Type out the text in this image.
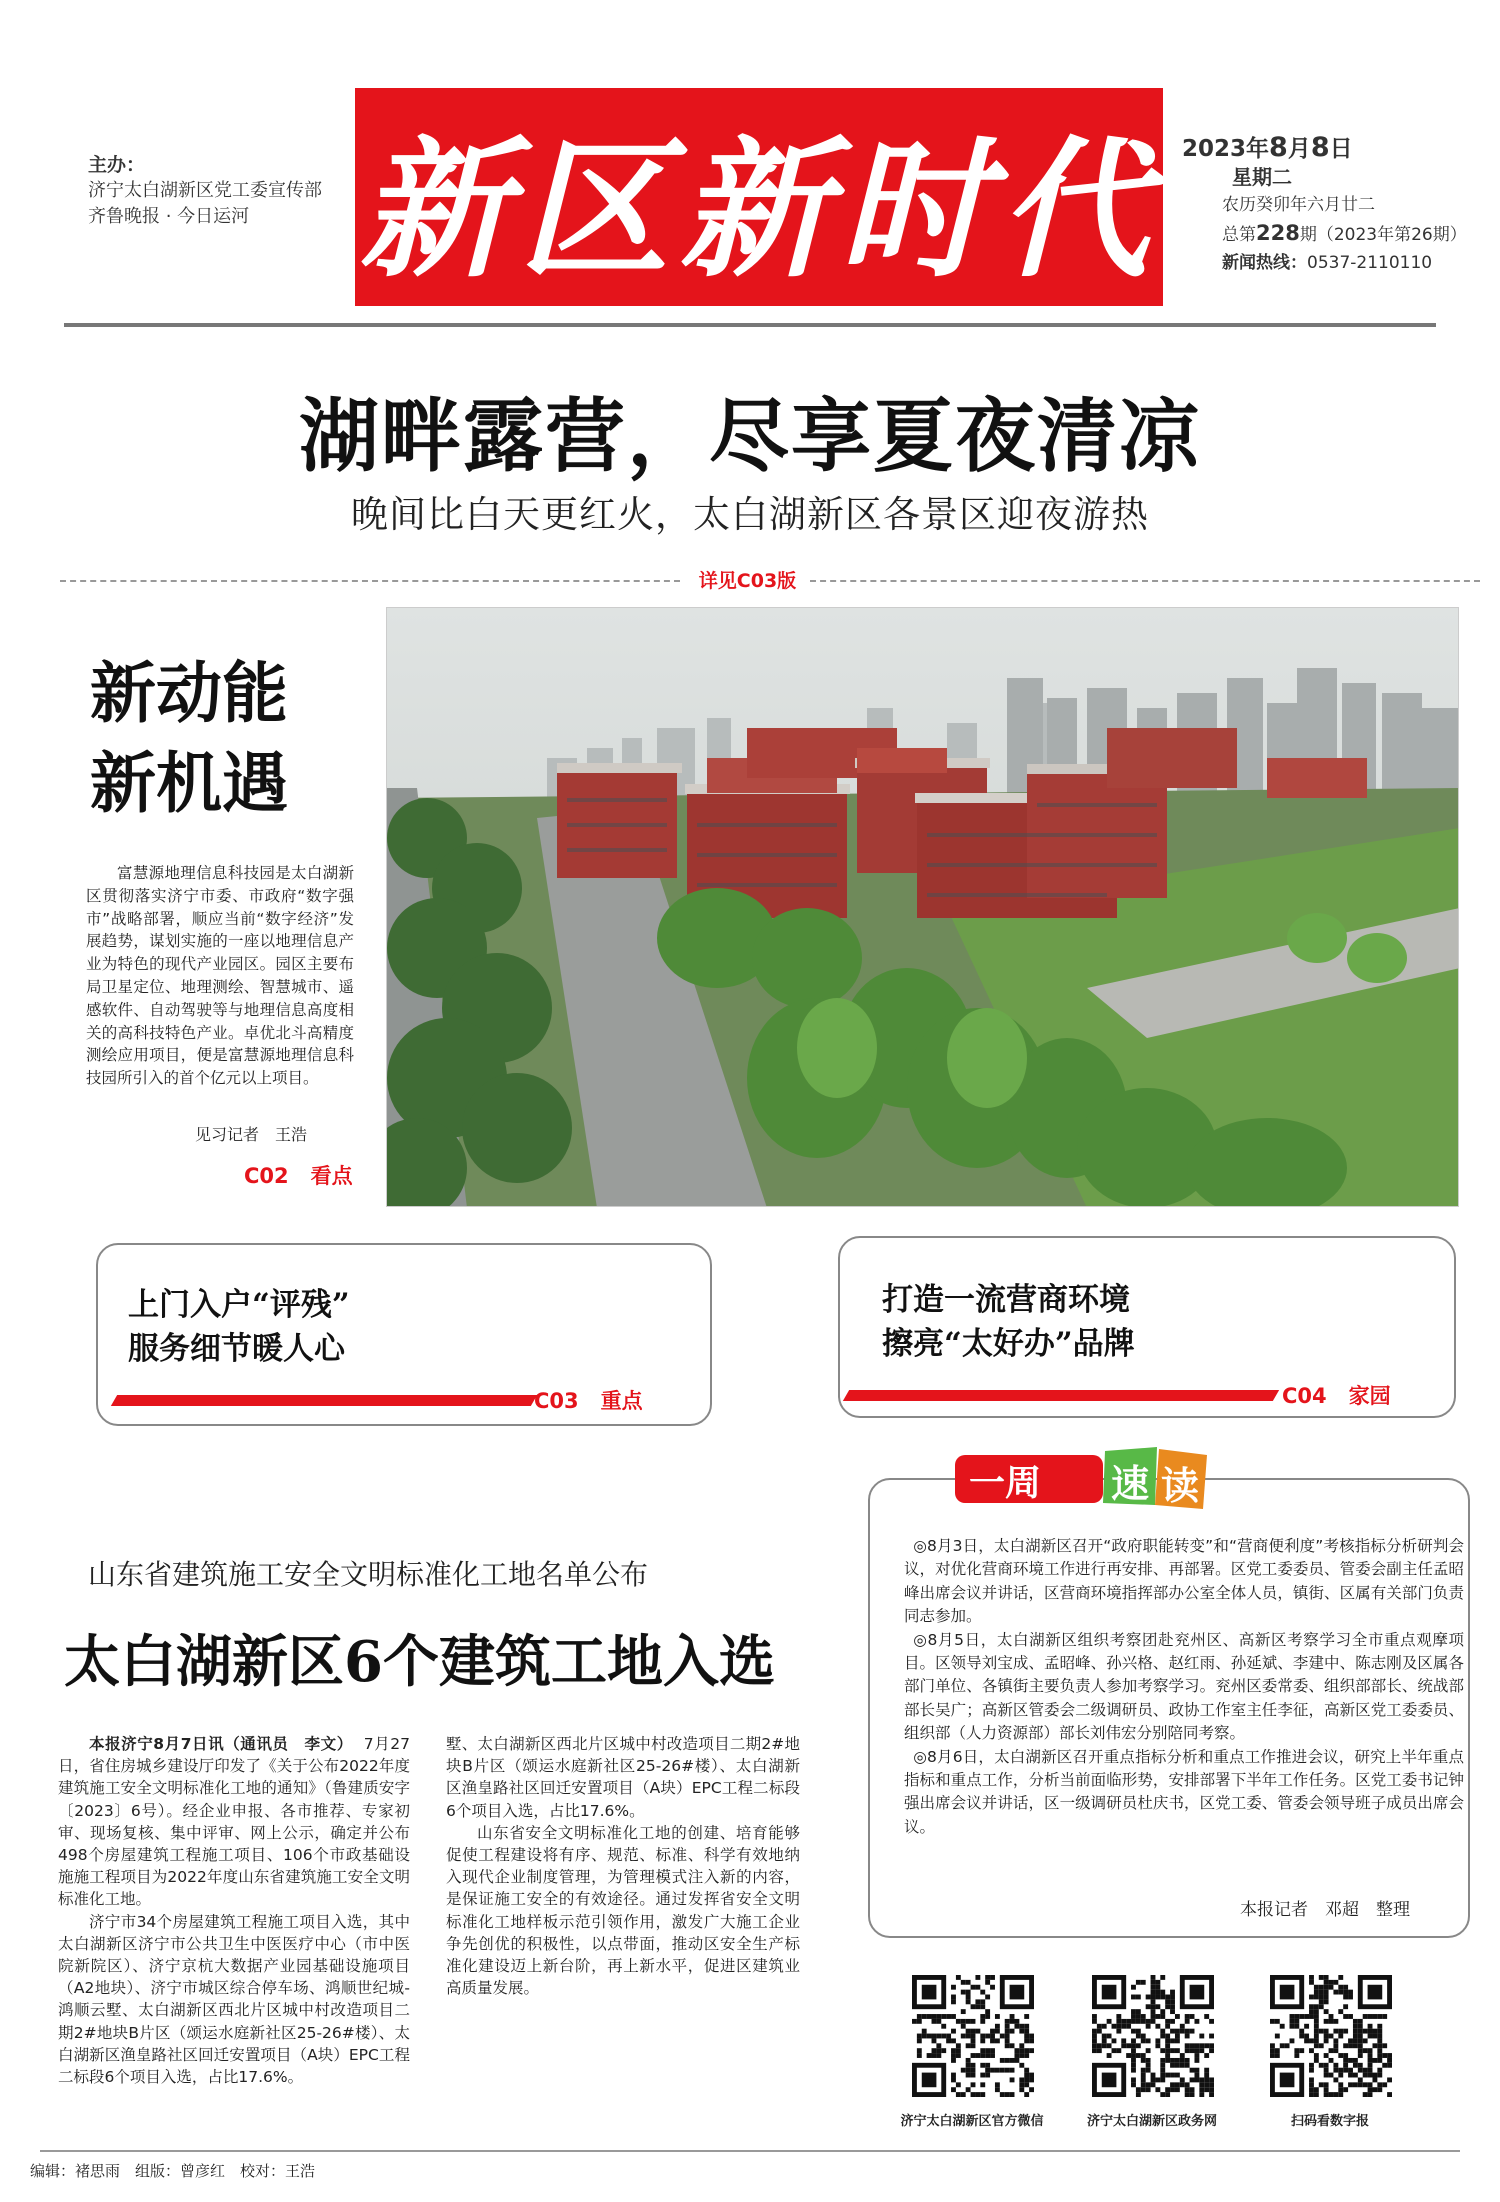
主办：
济宁太白湖新区党工委宣传部
齐鲁晚报 · 今日运河 新区新时代 2023年8月8日
星期二
农历癸卯年六月廿二
总第228期（2023年第26期）
新闻热线：0537-2110110
湖畔露营，尽享夏夜清凉
晚间比白天更红火，太白湖新区各景区迎夜游热
详见C03版
新动能
新机遇
富慧源地理信息科技园是太白湖新区贯彻落实济宁市委、市政府“数字强市”战略部署，顺应当前“数字经济”发展趋势，谋划实施的一座以地理信息产业为特色的现代产业园区。园区主要布局卫星定位、地理测绘、智慧城市、遥感软件、自动驾驶等与地理信息高度相关的高科技特色产业。卓优北斗高精度测绘应用项目，便是富慧源地理信息科技园所引入的首个亿元以上项目。
见习记者　王浩
C02 看点
上门入户“评残”
服务细节暖人心
C03 重点
打造一流营商环境
擦亮“太好办”品牌
C04 家园
一周 速 读

◎8月3日，太白湖新区召开“政府职能转变”和“营商便利度”考核指标分析研判会议，对优化营商环境工作进行再安排、再部署。区党工委委员、管委会副主任孟昭峰出席会议并讲话，区营商环境指挥部办公室全体人员，镇街、区属有关部门负责同志参加。

◎8月5日，太白湖新区组织考察团赴兖州区、高新区考察学习全市重点观摩项目。区领导刘宝成、孟昭峰、孙兴格、赵红雨、孙延斌、李建中、陈志刚及区属各部门单位、各镇街主要负责人参加考察学习。兖州区委常委、组织部部长、统战部部长吴广；高新区管委会二级调研员、政协工作室主任李征，高新区党工委委员、组织部（人力资源部）部长刘伟宏分别陪同考察。

◎8月6日，太白湖新区召开重点指标分析和重点工作推进会议，研究上半年重点指标和重点工作，分析当前面临形势，安排部署下半年工作任务。区党工委书记钟强出席会议并讲话，区一级调研员杜庆书，区党工委、管委会领导班子成员出席会议。

本报记者　邓超　整理
山东省建筑施工安全文明标准化工地名单公布
太白湖新区6个建筑工地入选

本报济宁8月7日讯（通讯员　李文） 7月27日，省住房城乡建设厅印发了《关于公布2022年度建筑施工安全文明标准化工地的通知》（鲁建质安字〔2023〕6号）。经企业申报、各市推荐、专家初审、现场复核、集中评审、网上公示，确定并公布498个房屋建筑工程施工项目、106个市政基础设施施工程项目为2022年度山东省建筑施工安全文明标准化工地。

济宁市34个房屋建筑工程施工项目入选，其中太白湖新区济宁市公共卫生中医医疗中心（市中医院新院区）、济宁京杭大数据产业园基础设施项目（A2地块）、济宁市城区综合停车场、鸿顺世纪城-鸿顺云墅、太白湖新区西北片区城中村改造项目二期2#地块B片区（颂运水庭新社区25-26#楼）、太白湖新区渔皇路社区回迁安置项目（A块）EPC工程二标段6个项目入选，占比17.6%。

墅、太白湖新区西北片区城中村改造项目二期2#地块B片区（颂运水庭新社区25-26#楼）、太白湖新区渔皇路社区回迁安置项目（A块）EPC工程二标段6个项目入选，占比17.6%。

山东省安全文明标准化工地的创建、培育能够促使工程建设将有序、规范、标准、科学有效地纳入现代企业制度管理，为管理模式注入新的内容，是保证施工安全的有效途径。通过发挥省安全文明标准化工地样板示范引领作用，激发广大施工企业争先创优的积极性，以点带面，推动区安全生产标准化建设迈上新台阶，再上新水平，促进区建筑业高质量发展。

济宁太白湖新区官方微信	济宁太白湖新区政务网	扫码看数字报
编辑：褚思雨　组版：曾彦红　校对：王浩
